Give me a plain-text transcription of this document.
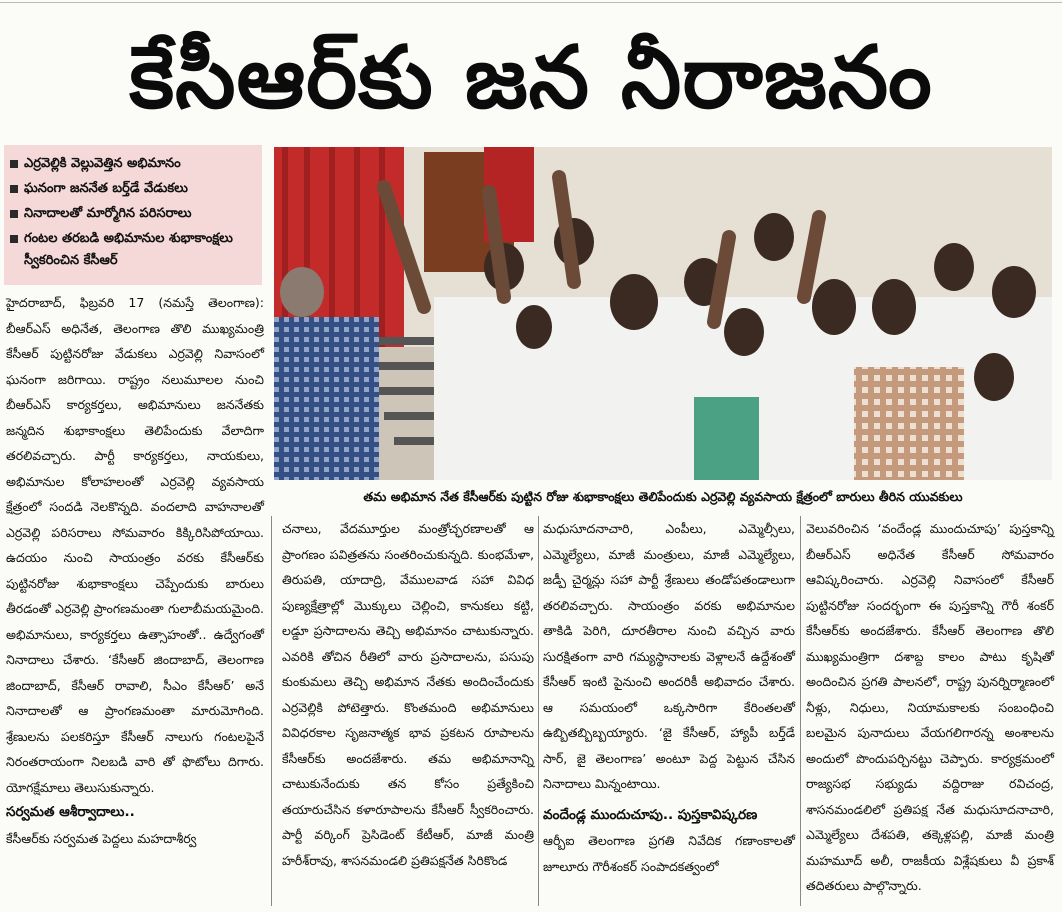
కేసీఆర్‌కు జన నీరాజనం
ఎర్రవెల్లికి వెల్లువెత్తిన అభిమానం
ఘనంగా జననేత బర్త్‌డే వేడుకలు
నినాదాలతో మార్మోగిన పరిసరాలు
గంటల తరబడి అభిమానుల శుభాకాంక్షలు స్వీకరించిన కేసీఆర్‌
తమ అభిమాన నేత కేసీఆర్‌కు పుట్టిన రోజు శుభాకాంక్షలు తెలిపేందుకు ఎర్రవెల్లి వ్యవసాయ క్షేత్రంలో బారులు తీరిన యువకులు

హైదరాబాద్‌, ఫిబ్రవరి 17 (నమస్తే తెలంగాణ): బీఆర్‌ఎస్‌ అధినేత, తెలంగాణ తొలి ముఖ్యమంత్రి కేసీఆర్‌ పుట్టినరోజు వేడుకలు ఎర్రవెల్లి నివాసంలో ఘనంగా జరిగాయి. రాష్ట్రం నలుమూలల నుంచి బీఆర్‌ఎస్‌ కార్యకర్తలు, అభిమానులు జననేతకు జన్మదిన శుభాకాంక్షలు తెలిపేందుకు వేలాదిగా తరలివచ్చారు. పార్టీ కార్యకర్తలు, నాయకులు, అభిమానుల కోలాహలంతో ఎర్రవెల్లి వ్యవసాయ క్షేత్రంలో సందడి నెలకొన్నది. వందలాది వాహనాలతో ఎర్రవెల్లి పరిసరాలు సోమవారం కిక్కిరిసిపోయాయి. ఉదయం నుంచి సాయంత్రం వరకు కేసీఆర్‌కు పుట్టినరోజు శుభాకాంక్షలు చెప్పేందుకు బారులు తీరడంతో ఎర్రవెల్లి ప్రాంగణమంతా గులాబీమయమైంది. అభిమానులు, కార్యకర్తలు ఉత్సాహంతో.. ఉద్వేగంతో నినాదాలు చేశారు. ‘కేసీఆర్‌ జిందాబాద్‌, తెలంగాణ జిందాబాద్‌, కేసీఆర్‌ రావాలి, సీఎం కేసీఆర్‌’ అనే నినాదాలతో ఆ ప్రాంగణమంతా మారుమోగింది. శ్రేణులను పలకరిస్తూ కేసీఆర్‌ నాలుగు గంటలపైనే నిరంతరాయంగా నిలబడి వారి తో ఫొటోలు దిగారు. యోగక్షేమాలు తెలుసుకున్నారు.

సర్వమత ఆశీర్వాదాలు..

కేసీఆర్‌కు సర్వమత పెద్దలు మహదాశీర్వ

చనాలు, వేదమూర్తుల మంత్రోచ్ఛరణాలతో ఆ ప్రాంగణం పవిత్రతను సంతరించుకున్నది. కుంభమేళా, తిరుపతి, యాదాద్రి, వేములవాడ సహా వివిధ పుణ్యక్షేత్రాల్లో మొక్కులు చెల్లించి, కానుకలు కట్టి, లడ్డూ ప్రసాదాలను తెచ్చి అభిమానం చాటుకున్నారు. ఎవరికి తోచిన రీతిలో వారు ప్రసాదాలను, పసుపు కుంకుమలు తెచ్చి అభిమాన నేతకు అందించేందుకు ఎర్రవెల్లికి పోటెత్తారు. కొంతమంది అభిమానులు వివిధరకాల సృజనాత్మక భావ ప్రకటన రూపాలను కేసీఆర్‌కు అందజేశారు. తమ అభిమానాన్ని చాటుకునేందుకు తన కోసం ప్రత్యేకించి తయారుచేసిన కళారూపాలను కేసీఆర్‌ స్వీకరించారు. పార్టీ వర్కింగ్‌ ప్రెసిడెంట్‌ కేటీఆర్‌, మాజీ మంత్రి హరీశ్‌రావు, శాసనమండలి ప్రతిపక్షనేత సిరికొండ

మధుసూదనాచారి, ఎంపీలు, ఎమ్మెల్సీలు, ఎమ్మెల్యేలు, మాజీ మంత్రులు, మాజీ ఎమ్మెల్యేలు, జడ్పీ చైర్మన్లు సహా పార్టీ శ్రేణులు తండోపతండాలుగా తరలివచ్చారు. సాయంత్రం వరకు అభిమానుల తాకిడి పెరిగి, దూరతీరాల నుంచి వచ్చిన వారు సురక్షితంగా వారి గమ్యస్థానాలకు వెళ్లాలనే ఉద్దేశంతో కేసీఆర్‌ ఇంటి పైనుంచి అందరికీ అభివాదం చేశారు. ఆ సమయంలో ఒక్కసారిగా కేరింతలతో ఉబ్బితబ్బిబ్బయ్యారు. ‘జై కేసీఆర్‌, హ్యాపీ బర్త్‌డే సార్‌, జై తెలంగాణ’ అంటూ పెద్ద పెట్టున చేసిన నినాదాలు మిన్నంటాయి.

వందేండ్ల ముందుచూపు.. పుస్తకావిష్కరణ

ఆర్బీఐ తెలంగాణ ప్రగతి నివేదిక గణాంకాలతో జూలూరు గౌరీశంకర్‌ సంపాదకత్వంలో

వెలువరించిన ‘వందేండ్ల ముందుచూపు’ పుస్తకాన్ని బీఆర్‌ఎస్‌ అధినేత కేసీఆర్‌ సోమవారం ఆవిష్కరించారు. ఎర్రవెల్లి నివాసంలో కేసీఆర్‌ పుట్టినరోజు సందర్భంగా ఈ పుస్తకాన్ని గౌరీ శంకర్‌ కేసీఆర్‌కు అందజేశారు. కేసీఆర్‌ తెలంగాణ తొలి ముఖ్యమంత్రిగా దశాబ్ద కాలం పాటు కృషితో అందించిన ప్రగతి పాలనలో, రాష్ట్ర పునర్నిర్మాణంలో నీళ్లు, నిధులు, నియామకాలకు సంబంధించి బలమైన పునాదులు వేయగలిగారన్న అంశాలను అందులో పొందుపర్చినట్టు చెప్పారు. కార్యక్రమంలో రాజ్యసభ సభ్యుడు వద్దిరాజు రవిచంద్ర, శాసనమండలిలో ప్రతిపక్ష నేత మధుసూదనాచారి, ఎమ్మెల్యేలు దేశపతి, తక్కెళ్లపల్లి, మాజీ మంత్రి మహమూద్‌ అలీ, రాజకీయ విశ్లేషకులు వీ ప్రకాశ్‌ తదితరులు పాల్గొన్నారు.
